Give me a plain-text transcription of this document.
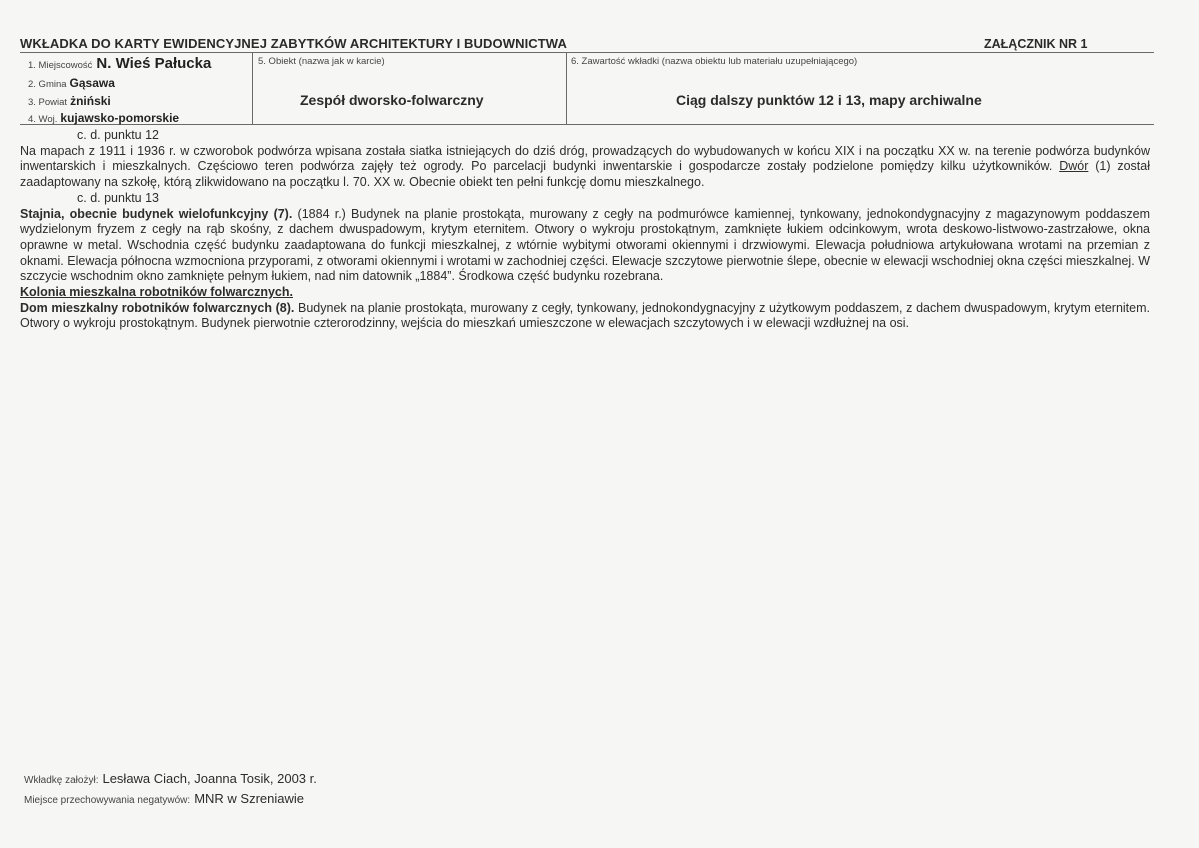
WKŁADKA DO KARTY EWIDENCYJNEJ ZABYTKÓW ARCHITEKTURY I BUDOWNICTWA	ZAŁĄCZNIK NR 1
1. Miejscowość N. Wieś Pałucka
2. Gmina Gąsawa
3. Powiat żniński
4. Woj. kujawsko-pomorskie
5. Obiekt (nazwa jak w karcie)
Zespół dworsko-folwarczny
6. Zawartość wkładki (nazwa obiektu lub materiału uzupełniającego)
Ciąg dalszy punktów 12 i 13, mapy archiwalne

c. d. punktu 12

Na mapach z 1911 i 1936 r. w czworobok podwórza wpisana została siatka istniejących do dziś dróg, prowadzących do wybudowanych w końcu XIX i na początku XX w. na terenie podwórza budynków inwentarskich i mieszkalnych. Częściowo teren podwórza zajęły też ogrody. Po parcelacji budynki inwentarskie i gospodarcze zostały podzielone pomiędzy kilku użytkowników. Dwór (1) został zaadaptowany na szkołę, którą zlikwidowano na początku l. 70. XX w. Obecnie obiekt ten pełni funkcję domu mieszkalnego.

c. d. punktu 13

Stajnia, obecnie budynek wielofunkcyjny (7). (1884 r.) Budynek na planie prostokąta, murowany z cegły na podmurówce kamiennej, tynkowany, jednokondygnacyjny z magazynowym poddaszem wydzielonym fryzem z cegły na rąb skośny, z dachem dwuspadowym, krytym eternitem. Otwory o wykroju prostokątnym, zamknięte łukiem odcinkowym, wrota deskowo-listwowo-zastrzałowe, okna oprawne w metal. Wschodnia część budynku zaadaptowana do funkcji mieszkalnej, z wtórnie wybitymi otworami okiennymi i drzwiowymi. Elewacja południowa artykułowana wrotami na przemian z oknami. Elewacja północna wzmocniona przyporami, z otworami okiennymi i wrotami w zachodniej części. Elewacje szczytowe pierwotnie ślepe, obecnie w elewacji wschodniej okna części mieszkalnej. W szczycie wschodnim okno zamknięte pełnym łukiem, nad nim datownik „1884”. Środkowa część budynku rozebrana.

Kolonia mieszkalna robotników folwarcznych.

Dom mieszkalny robotników folwarcznych (8). Budynek na planie prostokąta, murowany z cegły, tynkowany, jednokondygnacyjny z użytkowym poddaszem, z dachem dwuspadowym, krytym eternitem. Otwory o wykroju prostokątnym. Budynek pierwotnie czterorodzinny, wejścia do mieszkań umieszczone w elewacjach szczytowych i w elewacji wzdłużnej na osi.

Wkładkę założył: Lesława Ciach, Joanna Tosik, 2003 r.
Miejsce przechowywania negatywów: MNR w Szreniawie
